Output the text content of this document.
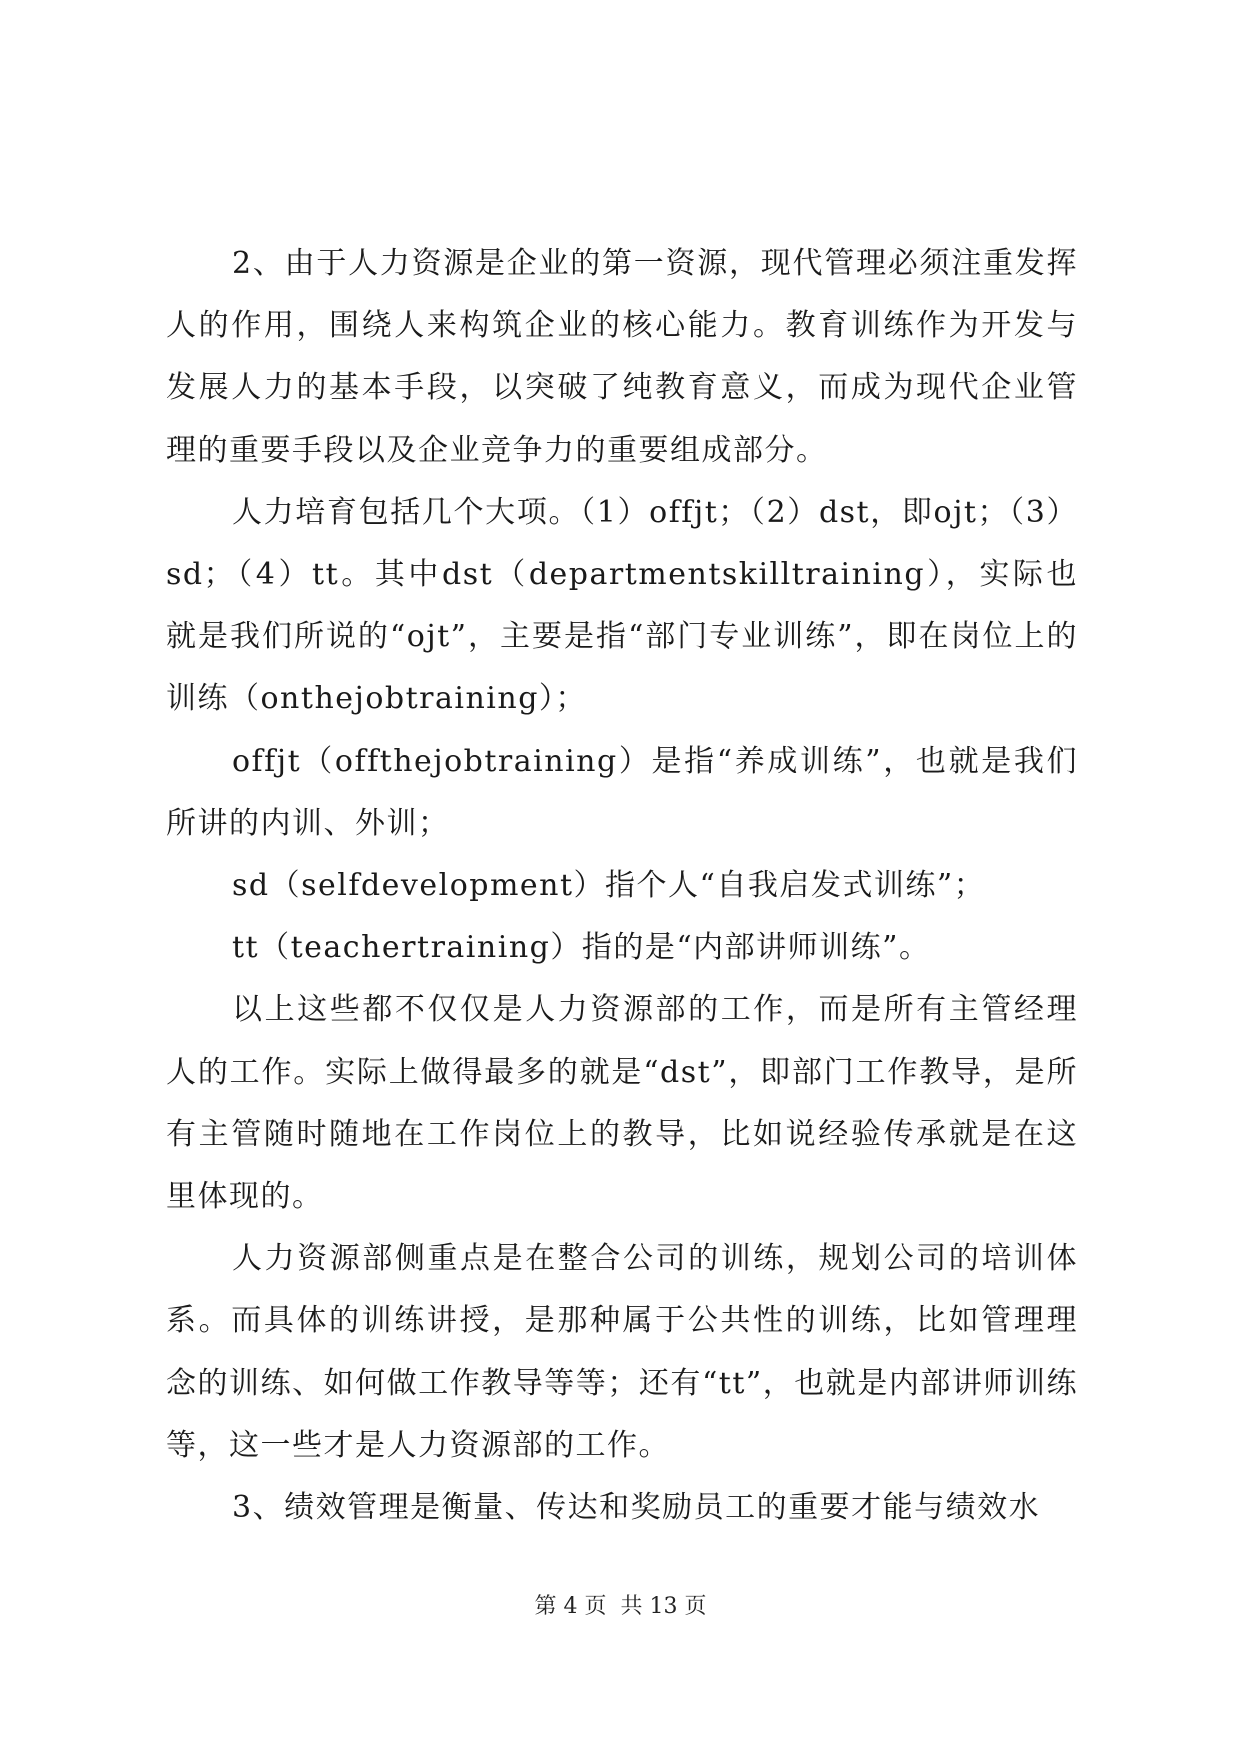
2、由于人力资源是企业的第一资源，现代管理必须注重发挥人的作用，围绕人来构筑企业的核心能力。教育训练作为开发与发展人力的基本手段，以突破了纯教育意义，而成为现代企业管理的重要手段以及企业竞争力的重要组成部分。

人力培育包括几个大项。（1）offjt；（2）dst，即ojt；（3）sd；（4）tt。其中dst（departmentskilltraining），实际也就是我们所说的“ojt”，主要是指“部门专业训练”，即在岗位上的训练（onthejobtraining）；

offjt（offthejobtraining）是指“养成训练”，也就是我们所讲的内训、外训；

sd（selfdevelopment）指个人“自我启发式训练”；

tt（teachertraining）指的是“内部讲师训练”。

以上这些都不仅仅是人力资源部的工作，而是所有主管经理人的工作。实际上做得最多的就是“dst”，即部门工作教导，是所有主管随时随地在工作岗位上的教导，比如说经验传承就是在这里体现的。

人力资源部侧重点是在整合公司的训练，规划公司的培训体系。而具体的训练讲授，是那种属于公共性的训练，比如管理理念的训练、如何做工作教导等等；还有“tt”，也就是内部讲师训练等，这一些才是人力资源部的工作。

3、绩效管理是衡量、传达和奖励员工的重要才能与绩效水

第 4 页  共 13 页
